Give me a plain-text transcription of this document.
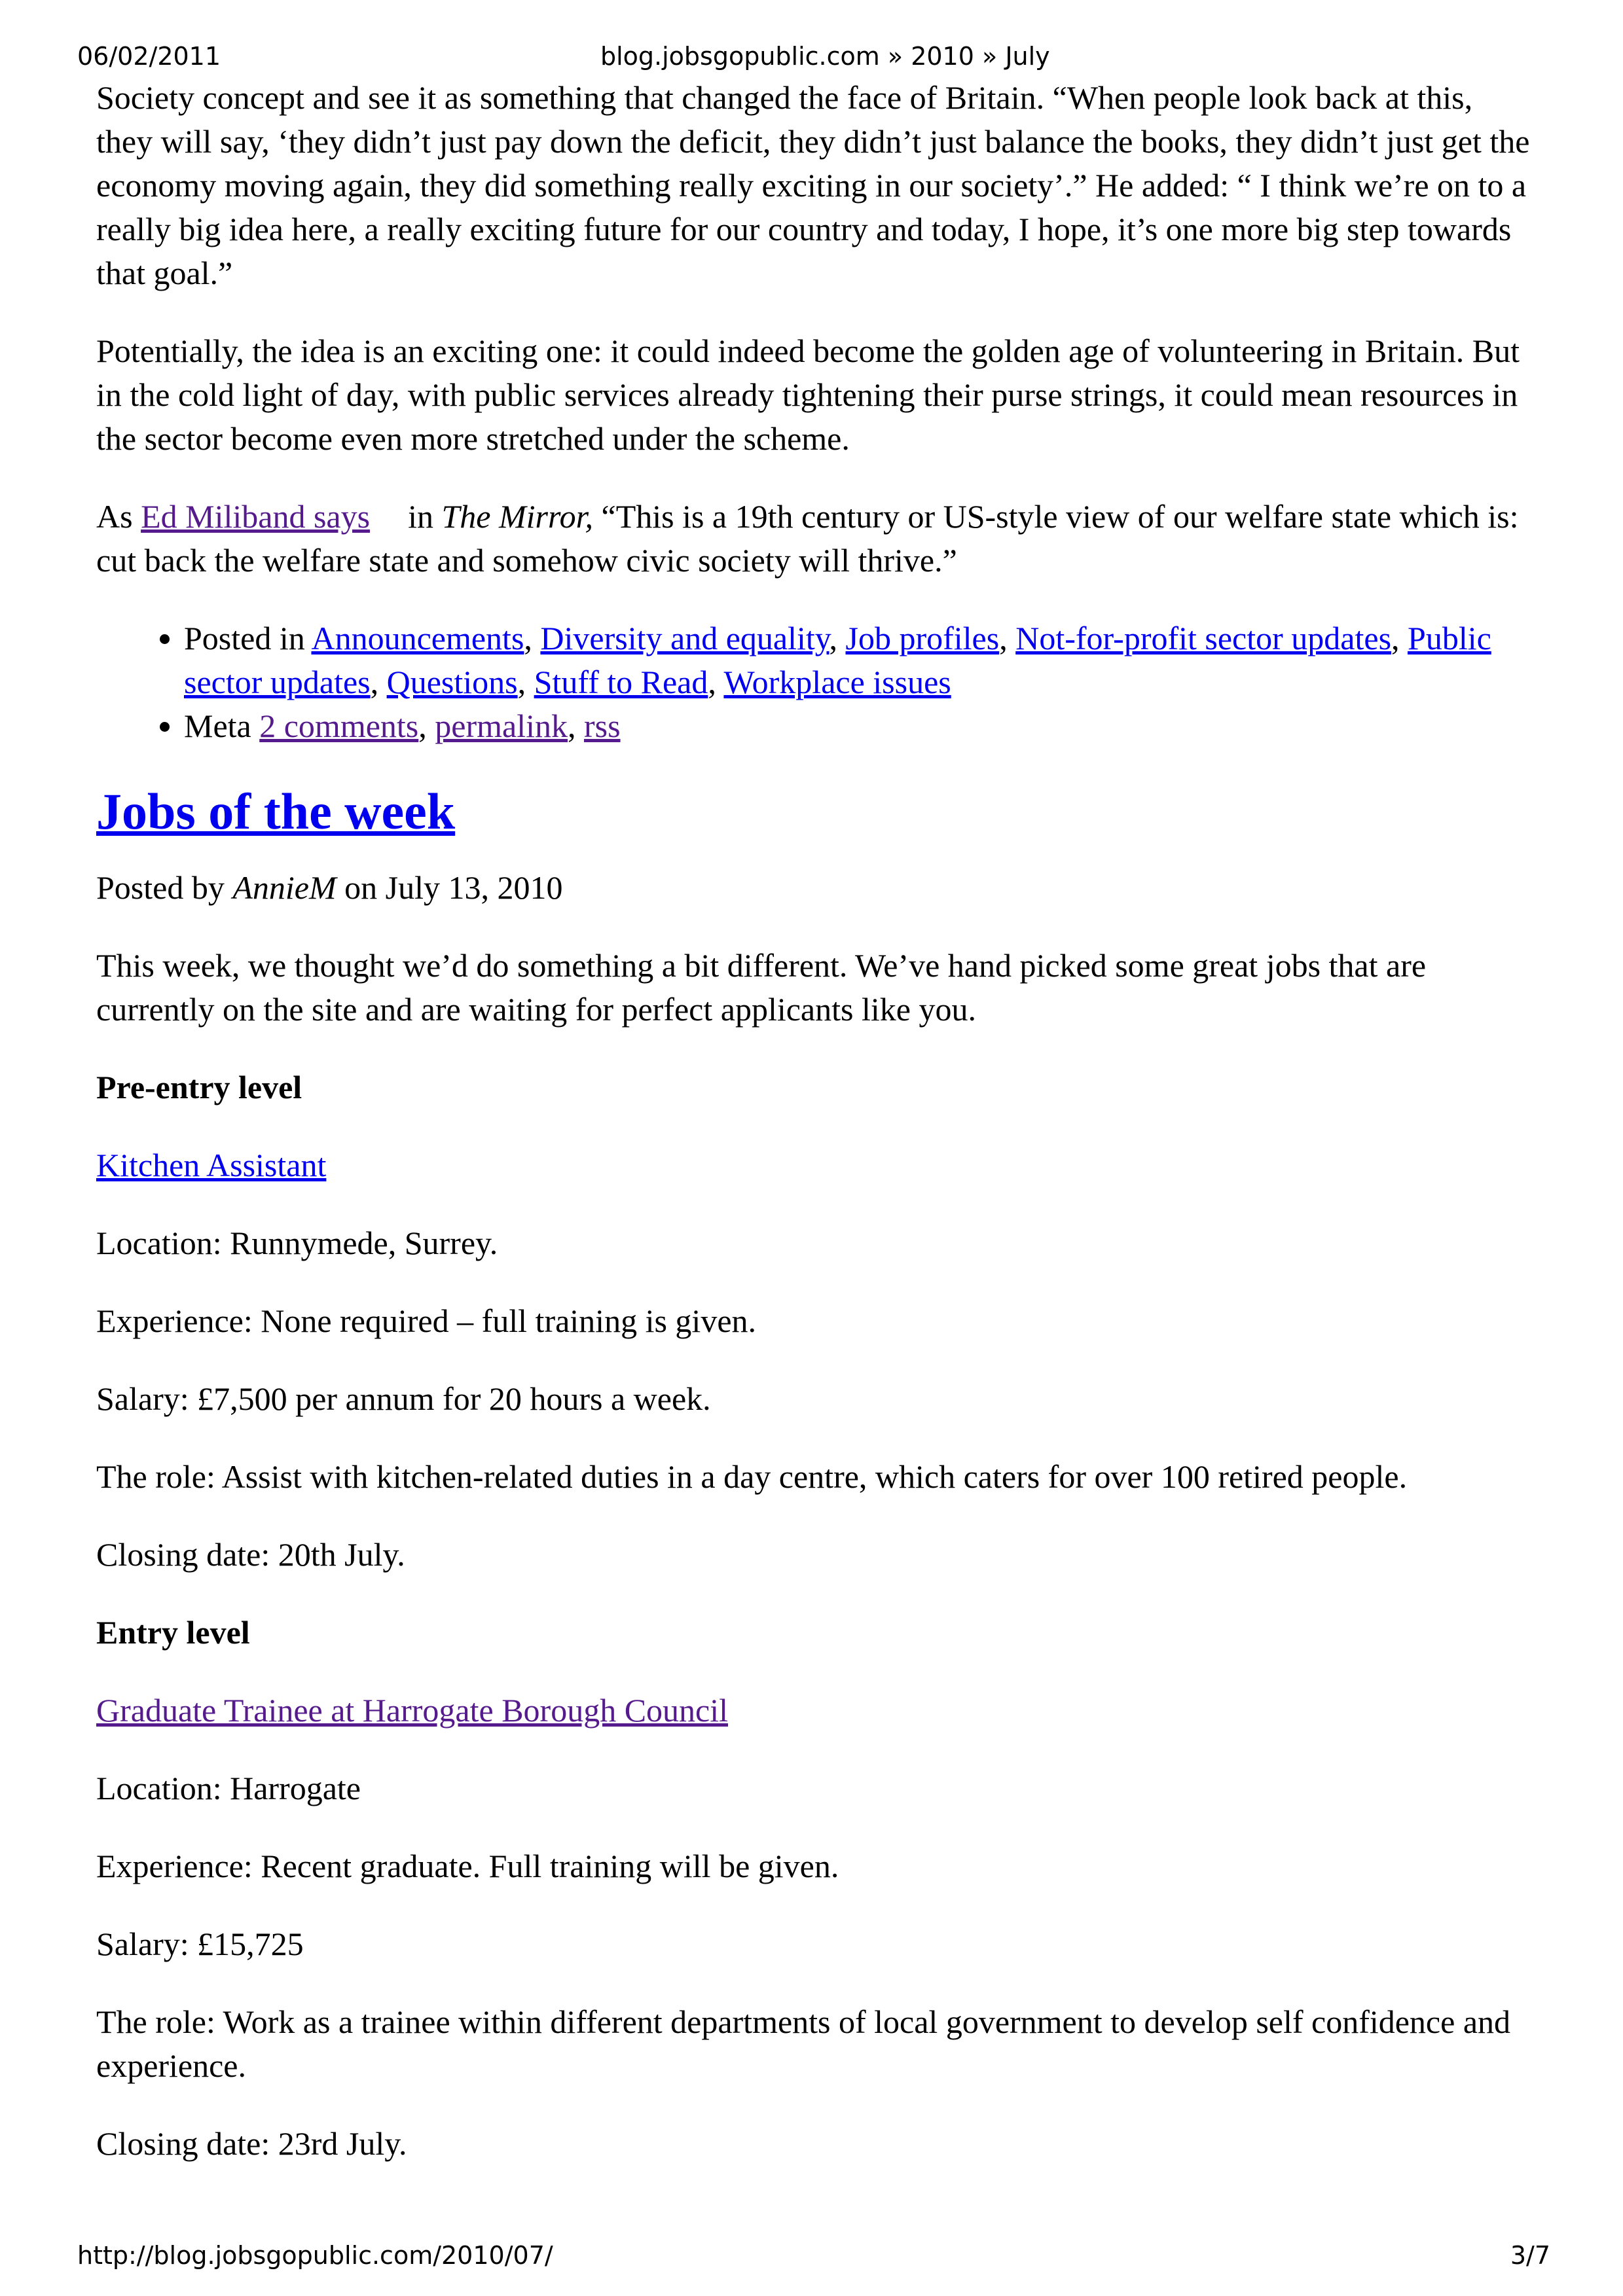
06/02/2011	blog.jobsgopublic.com » 2010 » July

Society concept and see it as something that changed the face of Britain. “When people look back at this, they will say, ‘they didn’t just pay down the deficit, they didn’t just balance the books, they didn’t just get the economy moving again, they did something really exciting in our society’.” He added: “ I think we’re on to a really big idea here, a really exciting future for our country and today, I hope, it’s one more big step towards that goal.”

Potentially, the idea is an exciting one: it could indeed become the golden age of volunteering in Britain. But in the cold light of day, with public services already tightening their purse strings, it could mean resources in the sector become even more stretched under the scheme.

As Ed Miliband says in The Mirror, “This is a 19th century or US-style view of our welfare state which is: cut back the welfare state and somehow civic society will thrive.”

• Posted in Announcements, Diversity and equality, Job profiles, Not-for-profit sector updates, Public sector updates, Questions, Stuff to Read, Workplace issues
• Meta 2 comments, permalink, rss
Jobs of the week

Posted by AnnieM on July 13, 2010

This week, we thought we’d do something a bit different. We’ve hand picked some great jobs that are currently on the site and are waiting for perfect applicants like you.

Pre-entry level

Kitchen Assistant

Location: Runnymede, Surrey.

Experience: None required – full training is given.

Salary: £7,500 per annum for 20 hours a week.

The role: Assist with kitchen-related duties in a day centre, which caters for over 100 retired people.

Closing date: 20th July.

Entry level

Graduate Trainee at Harrogate Borough Council

Location: Harrogate

Experience: Recent graduate. Full training will be given.

Salary: £15,725

The role: Work as a trainee within different departments of local government to develop self confidence and experience.

Closing date: 23rd July.

http://blog.jobsgopublic.com/2010/07/	3/7
